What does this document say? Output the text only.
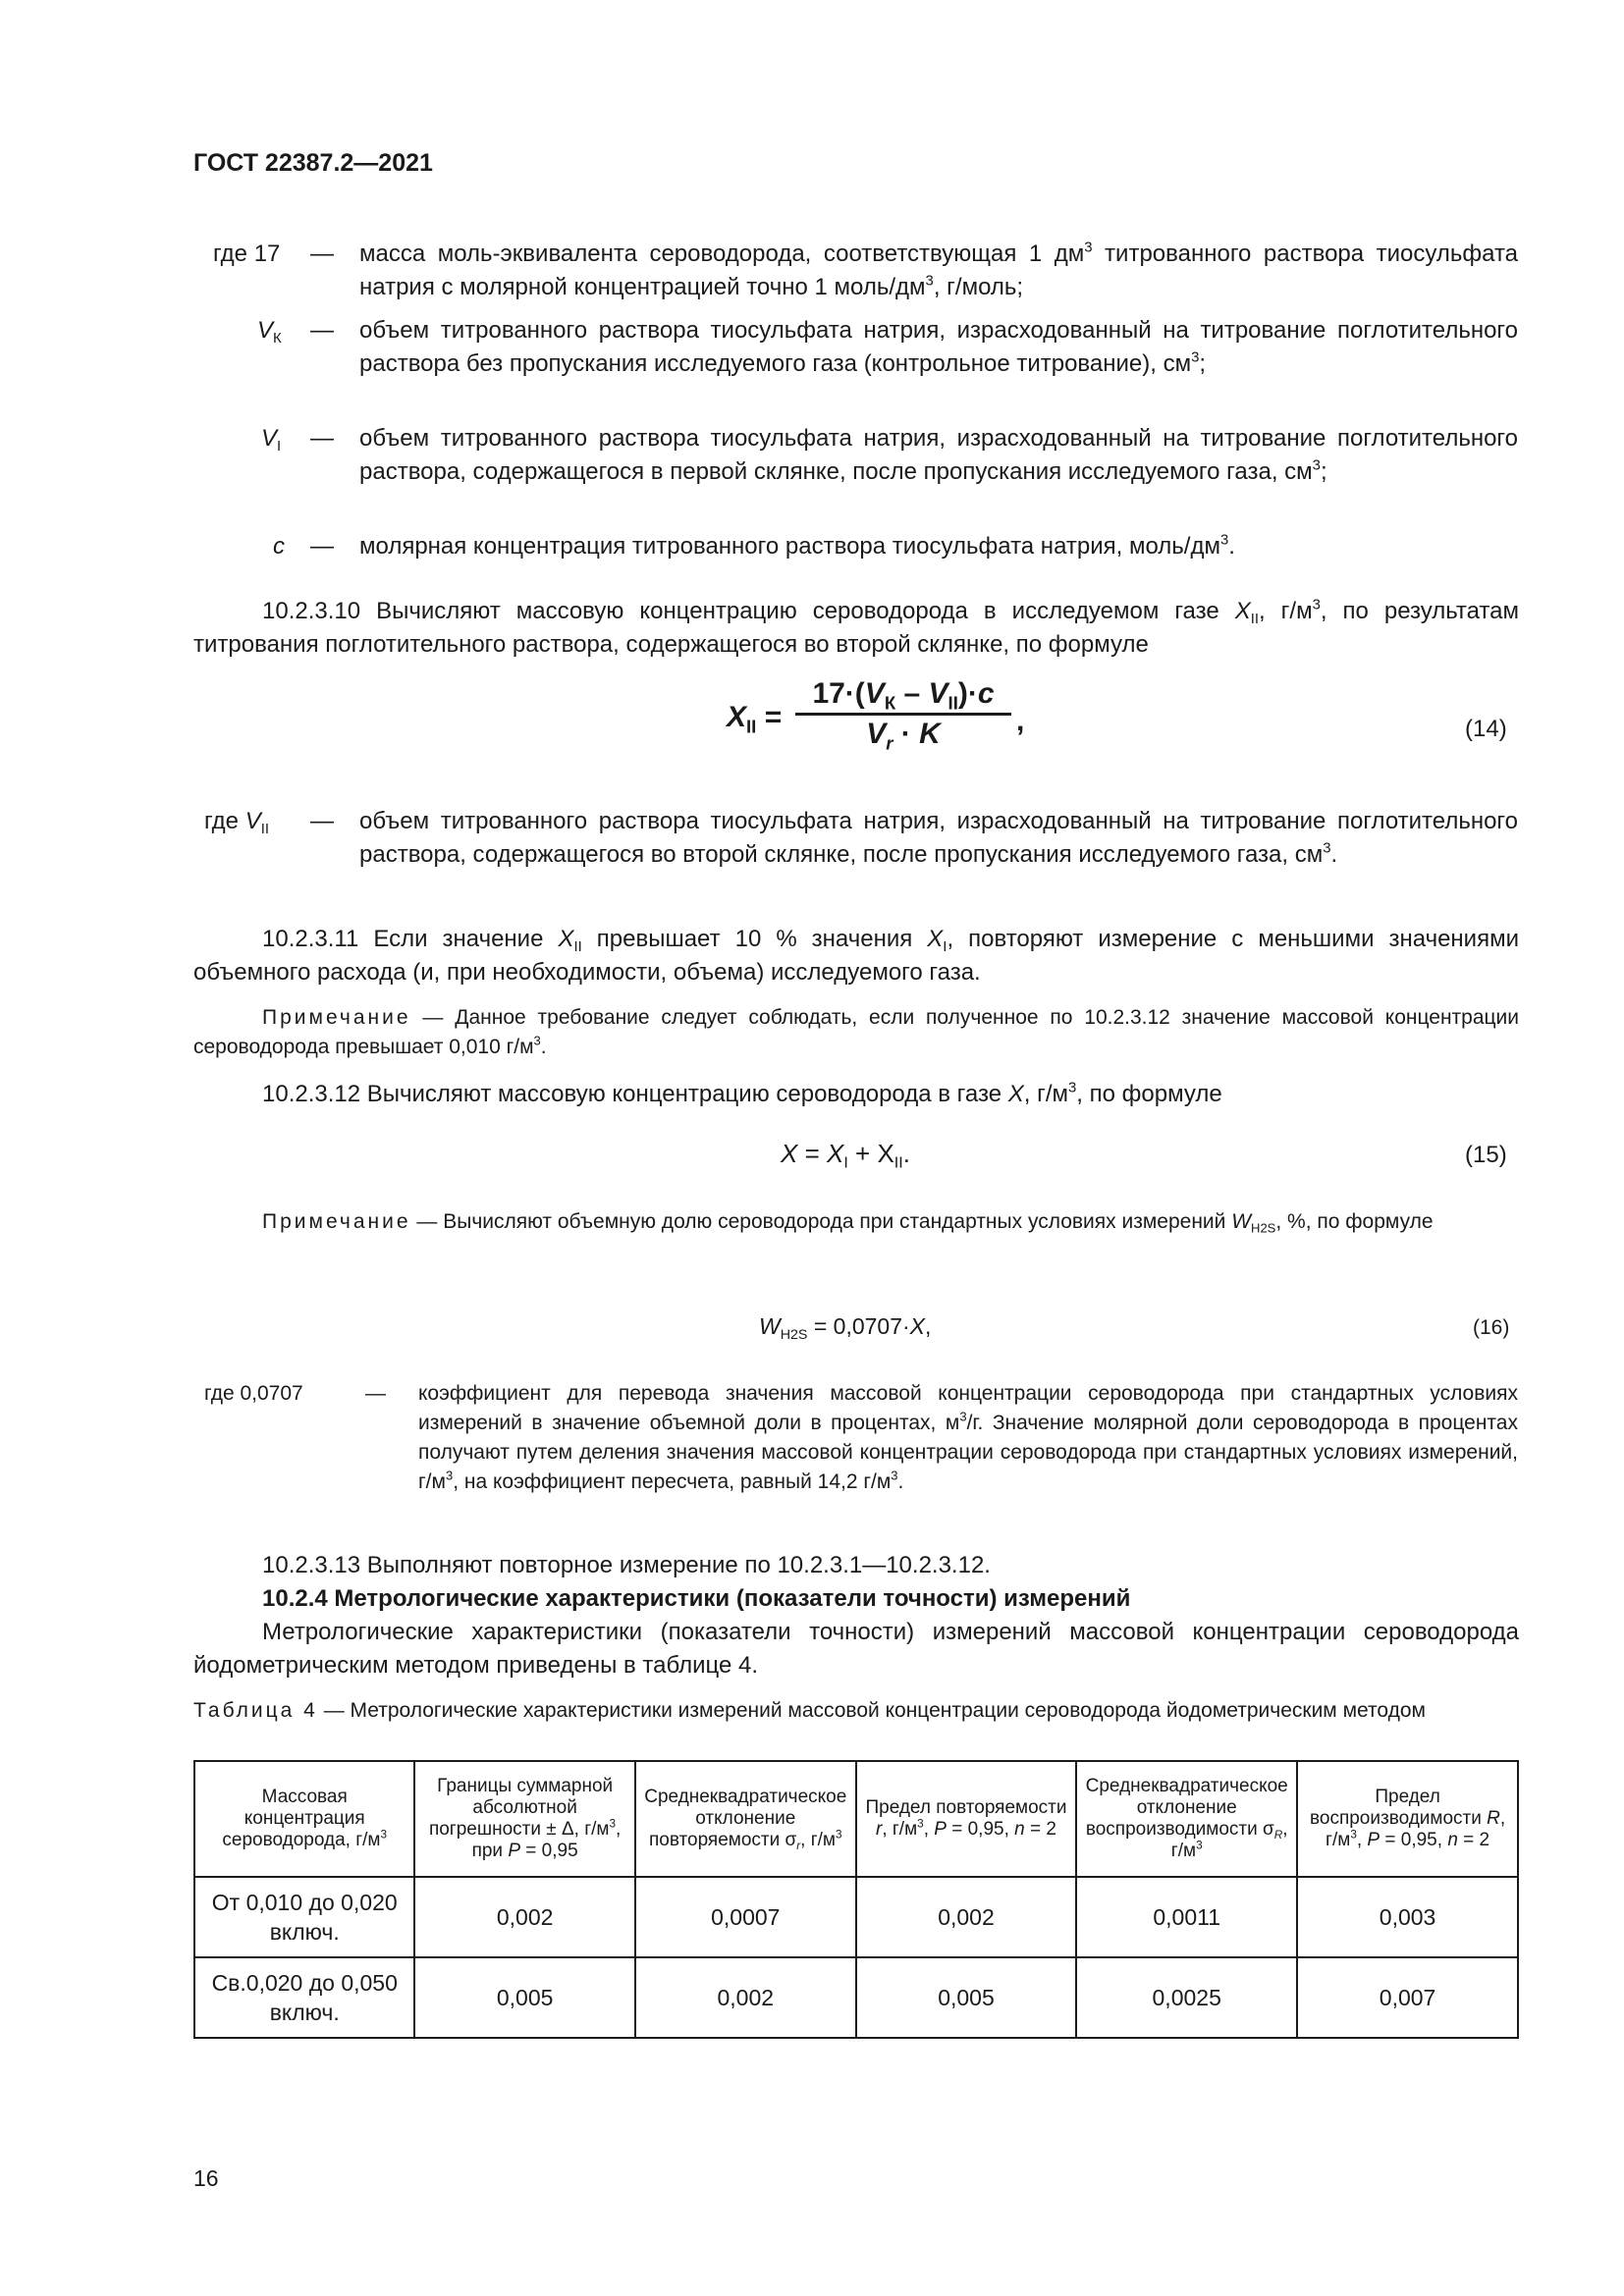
ГОСТ 22387.2—2021
где 17 — масса моль-эквивалента сероводорода, соответствующая 1 $дм^3$ титрованного раствора тиосульфата натрия с молярной концентрацией точно 1 моль/$дм^3$, г/моль;
$V_К$ — объем титрованного раствора тиосульфата натрия, израсходованный на титрование поглотительного раствора без пропускания исследуемого газа (контрольное титрование), $см^3$;
$V_I$ — объем титрованного раствора тиосульфата натрия, израсходованный на титрование поглотительного раствора, содержащегося в первой склянке, после пропускания исследуемого газа, $см^3$;
c — молярная концентрация титрованного раствора тиосульфата натрия, моль/$дм^3$.
10.2.3.10 Вычисляют массовую концентрацию сероводорода в исследуемом газе $X_{II}$, $г/м^3$, по результатам титрования поглотительного раствора, содержащегося во второй склянке, по формуле
$X_{II}$ =
$17\cdot(V_К - V_{II})\cdot c$
$V_r \cdot K$	,	(14)
где $V_{II}$ — объем титрованного раствора тиосульфата натрия, израсходованный на титрование поглотительного раствора, содержащегося во второй склянке, после пропускания исследуемого газа, $см^3$.
10.2.3.11 Если значение $X_{II}$ превышает 10 % значения $X_I$, повторяют измерение с меньшими значениями объемного расхода (и, при необходимости, объема) исследуемого газа.
Примечание — Данное требование следует соблюдать, если полученное по 10.2.3.12 значение массовой концентрации сероводорода превышает 0,010 $г/м^3$.
10.2.3.12 Вычисляют массовую концентрацию сероводорода в газе X, $г/м^3$, по формуле
$X = X_I + X_{II}$.	(15)
Примечание — Вычисляют объемную долю сероводорода при стандартных условиях измерений $W_{H2S}$, %, по формуле
$W_{H2S} = 0,0707\cdot X$,	(16)
где 0,0707	— коэффициент для перевода значения массовой концентрации сероводорода при стандартных условиях измерений в значение объемной доли в процентах, $м^3/г$. Значение молярной доли сероводорода в процентах получают путем деления значения массовой концентрации сероводорода при стандартных условиях измерений, $г/м^3$, на коэффициент пересчета, равный 14,2 $г/м^3$.
10.2.3.13 Выполняют повторное измерение по 10.2.3.1—10.2.3.12.
10.2.4 Метрологические характеристики (показатели точности) измерений
Метрологические характеристики (показатели точности) измерений массовой концентрации сероводорода йодометрическим методом приведены в таблице 4.
Таблица 4 — Метрологические характеристики измерений массовой концентрации сероводорода йодометрическим методом
Массовая концентрация сероводорода, $г/м^3$	Границы суммарной абсолютной погрешности ± Δ, $г/м^3$, при P = 0,95	Среднеквадратическое отклонение повторяемости $\sigma_r$, $г/м^3$	Предел повторяемости r, $г/м^3$, P = 0,95, n = 2	Среднеквадратическое отклонение воспроизводимости $\sigma_R$, $г/м^3$	Предел воспроизводимости R, $г/м^3$, P = 0,95, n = 2
От 0,010 до 0,020 включ.	0,002	0,0007	0,002	0,0011	0,003
Св.0,020 до 0,050 включ.	0,005	0,002	0,005	0,0025	0,007
16
